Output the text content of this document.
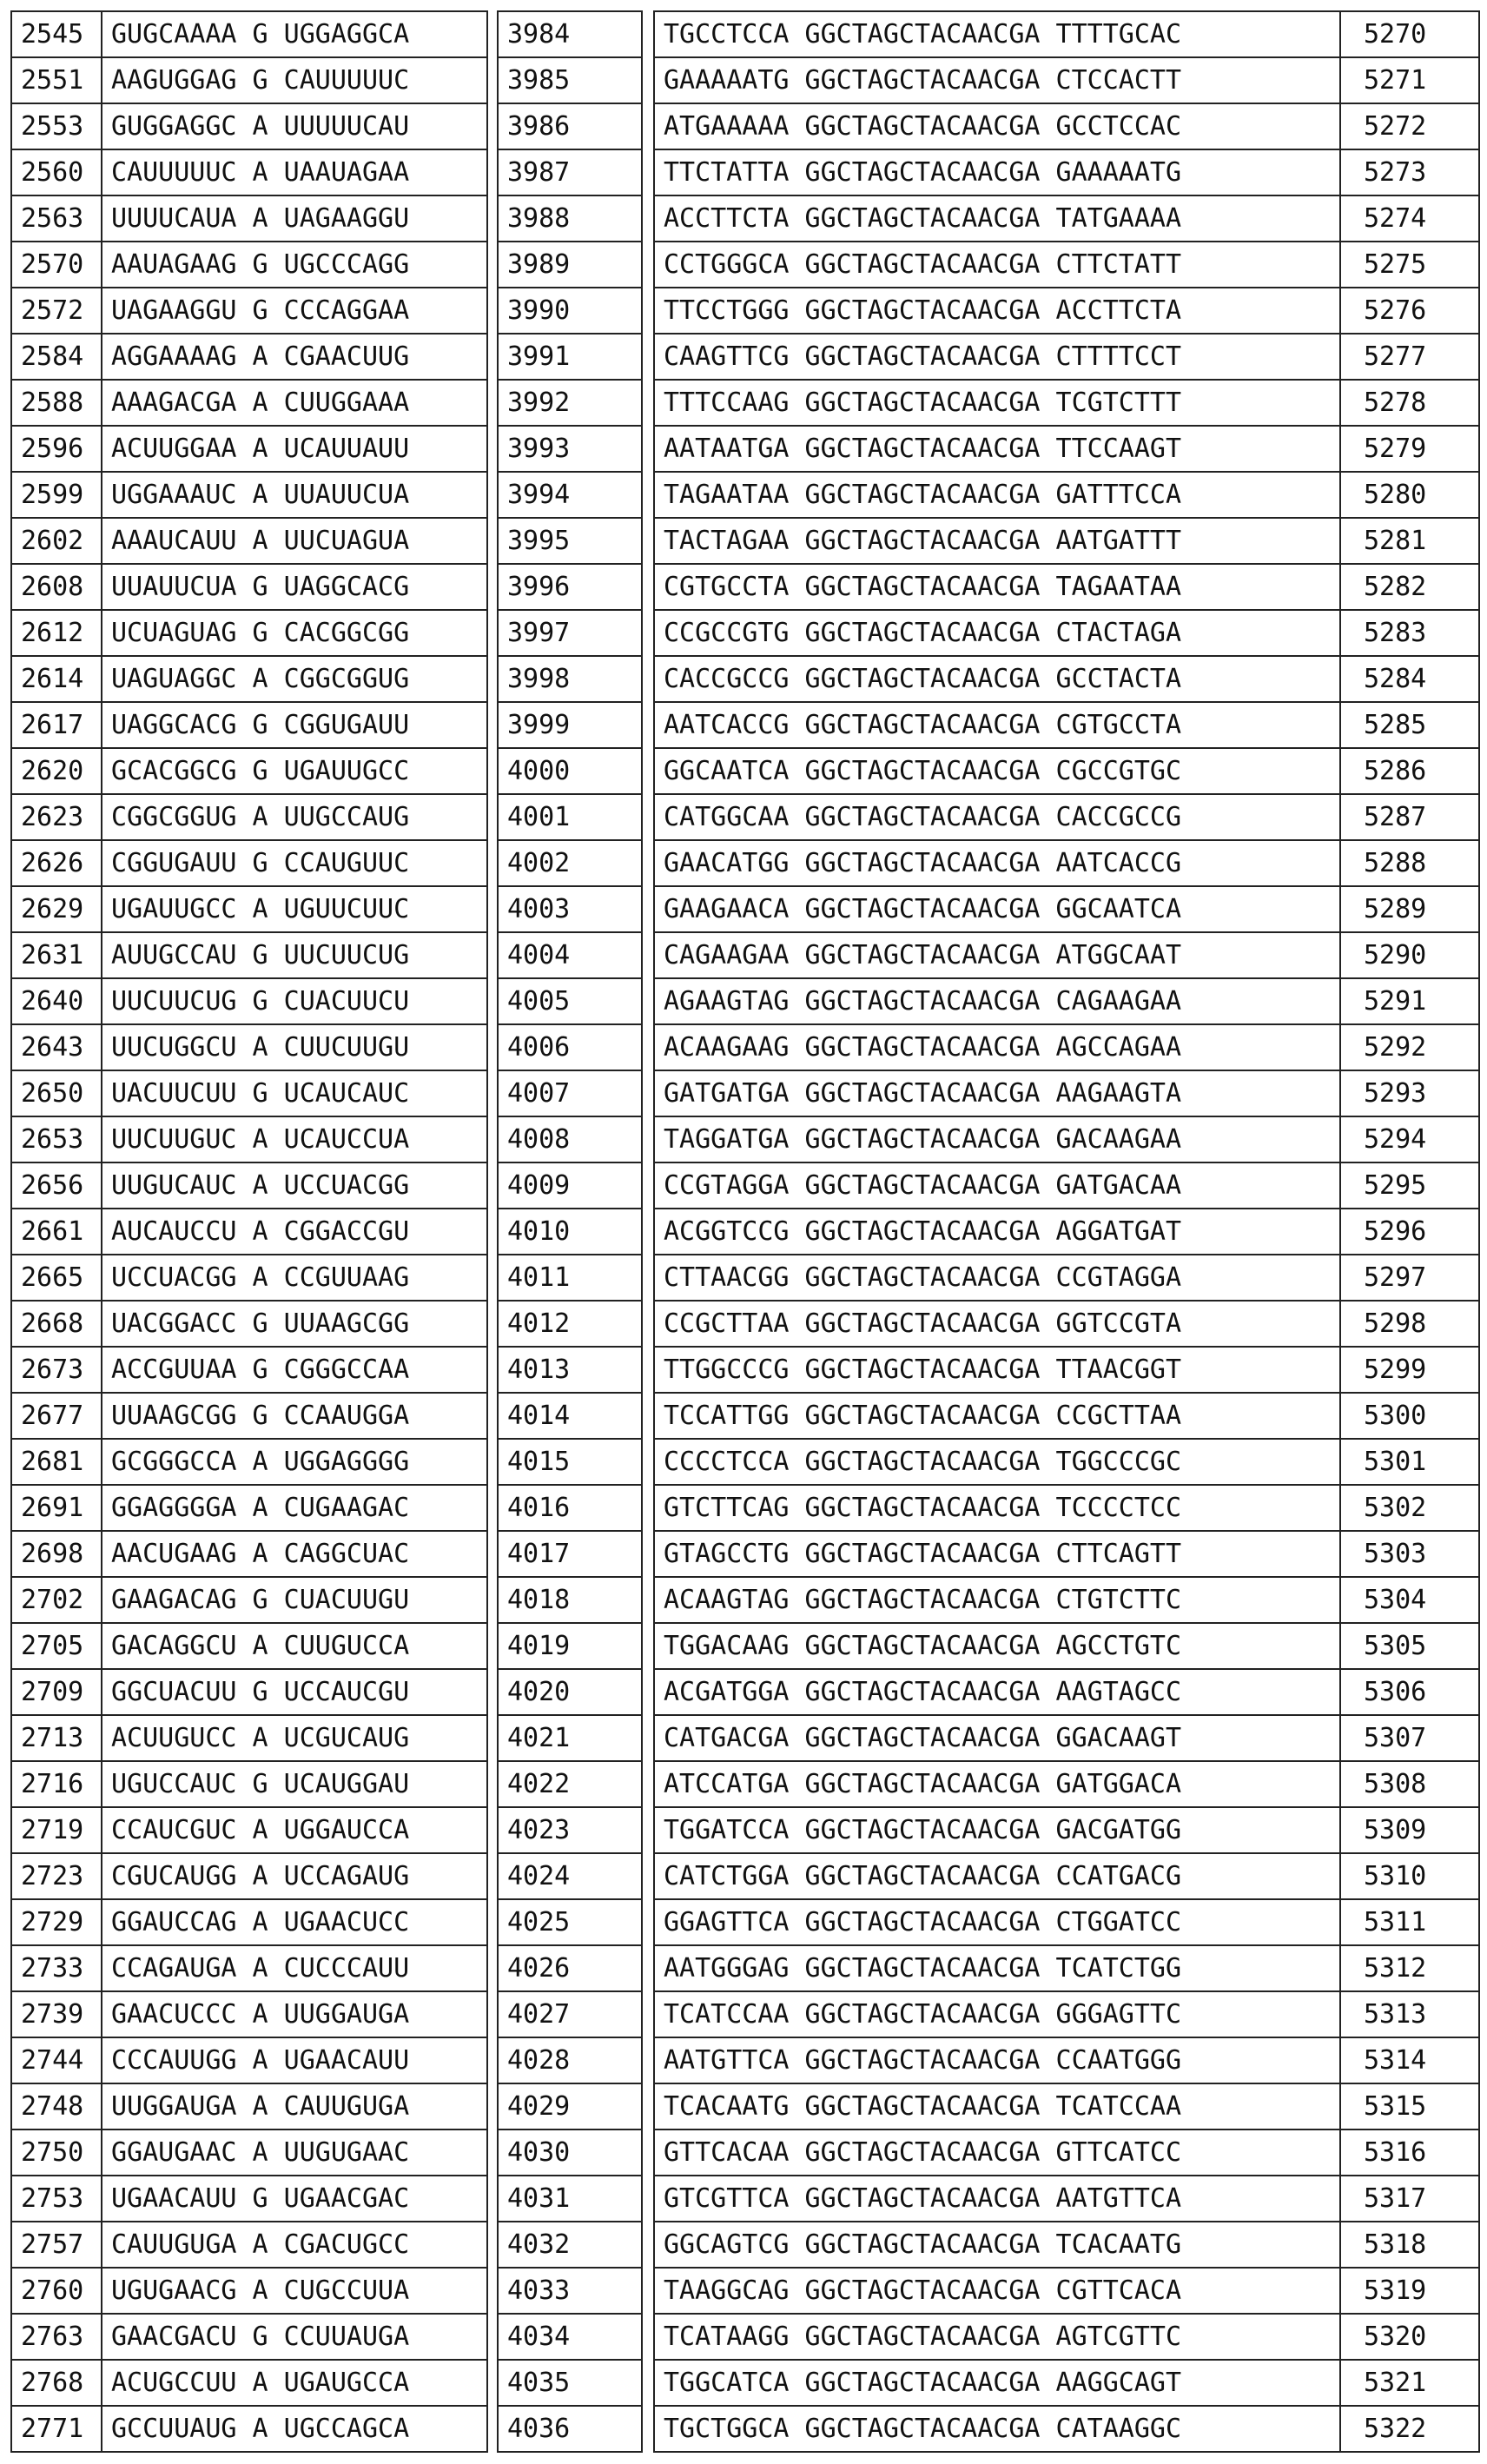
2545	GUGCAAAA G UGGAGGCA		3984		TGCCTCCA GGCTAGCTACAACGA TTTTGCAC	5270
2551	AAGUGGAG G CAUUUUUC		3985		GAAAAATG GGCTAGCTACAACGA CTCCACTT	5271
2553	GUGGAGGC A UUUUUCAU		3986		ATGAAAAA GGCTAGCTACAACGA GCCTCCAC	5272
2560	CAUUUUUC A UAAUAGAA		3987		TTCTATTA GGCTAGCTACAACGA GAAAAATG	5273
2563	UUUUCAUA A UAGAAGGU		3988		ACCTTCTA GGCTAGCTACAACGA TATGAAAA	5274
2570	AAUAGAAG G UGCCCAGG		3989		CCTGGGCA GGCTAGCTACAACGA CTTCTATT	5275
2572	UAGAAGGU G CCCAGGAA		3990		TTCCTGGG GGCTAGCTACAACGA ACCTTCTA	5276
2584	AGGAAAAG A CGAACUUG		3991		CAAGTTCG GGCTAGCTACAACGA CTTTTCCT	5277
2588	AAAGACGA A CUUGGAAA		3992		TTTCCAAG GGCTAGCTACAACGA TCGTCTTT	5278
2596	ACUUGGAA A UCAUUAUU		3993		AATAATGA GGCTAGCTACAACGA TTCCAAGT	5279
2599	UGGAAAUC A UUAUUCUA		3994		TAGAATAA GGCTAGCTACAACGA GATTTCCA	5280
2602	AAAUCAUU A UUCUAGUA		3995		TACTAGAA GGCTAGCTACAACGA AATGATTT	5281
2608	UUAUUCUA G UAGGCACG		3996		CGTGCCTA GGCTAGCTACAACGA TAGAATAA	5282
2612	UCUAGUAG G CACGGCGG		3997		CCGCCGTG GGCTAGCTACAACGA CTACTAGA	5283
2614	UAGUAGGC A CGGCGGUG		3998		CACCGCCG GGCTAGCTACAACGA GCCTACTA	5284
2617	UAGGCACG G CGGUGAUU		3999		AATCACCG GGCTAGCTACAACGA CGTGCCTA	5285
2620	GCACGGCG G UGAUUGCC		4000		GGCAATCA GGCTAGCTACAACGA CGCCGTGC	5286
2623	CGGCGGUG A UUGCCAUG		4001		CATGGCAA GGCTAGCTACAACGA CACCGCCG	5287
2626	CGGUGAUU G CCAUGUUC		4002		GAACATGG GGCTAGCTACAACGA AATCACCG	5288
2629	UGAUUGCC A UGUUCUUC		4003		GAAGAACA GGCTAGCTACAACGA GGCAATCA	5289
2631	AUUGCCAU G UUCUUCUG		4004		CAGAAGAA GGCTAGCTACAACGA ATGGCAAT	5290
2640	UUCUUCUG G CUACUUCU		4005		AGAAGTAG GGCTAGCTACAACGA CAGAAGAA	5291
2643	UUCUGGCU A CUUCUUGU		4006		ACAAGAAG GGCTAGCTACAACGA AGCCAGAA	5292
2650	UACUUCUU G UCAUCAUC		4007		GATGATGA GGCTAGCTACAACGA AAGAAGTA	5293
2653	UUCUUGUC A UCAUCCUA		4008		TAGGATGA GGCTAGCTACAACGA GACAAGAA	5294
2656	UUGUCAUC A UCCUACGG		4009		CCGTAGGA GGCTAGCTACAACGA GATGACAA	5295
2661	AUCAUCCU A CGGACCGU		4010		ACGGTCCG GGCTAGCTACAACGA AGGATGAT	5296
2665	UCCUACGG A CCGUUAAG		4011		CTTAACGG GGCTAGCTACAACGA CCGTAGGA	5297
2668	UACGGACC G UUAAGCGG		4012		CCGCTTAA GGCTAGCTACAACGA GGTCCGTA	5298
2673	ACCGUUAA G CGGGCCAA		4013		TTGGCCCG GGCTAGCTACAACGA TTAACGGT	5299
2677	UUAAGCGG G CCAAUGGA		4014		TCCATTGG GGCTAGCTACAACGA CCGCTTAA	5300
2681	GCGGGCCA A UGGAGGGG		4015		CCCCTCCA GGCTAGCTACAACGA TGGCCCGC	5301
2691	GGAGGGGA A CUGAAGAC		4016		GTCTTCAG GGCTAGCTACAACGA TCCCCTCC	5302
2698	AACUGAAG A CAGGCUAC		4017		GTAGCCTG GGCTAGCTACAACGA CTTCAGTT	5303
2702	GAAGACAG G CUACUUGU		4018		ACAAGTAG GGCTAGCTACAACGA CTGTCTTC	5304
2705	GACAGGCU A CUUGUCCA		4019		TGGACAAG GGCTAGCTACAACGA AGCCTGTC	5305
2709	GGCUACUU G UCCAUCGU		4020		ACGATGGA GGCTAGCTACAACGA AAGTAGCC	5306
2713	ACUUGUCC A UCGUCAUG		4021		CATGACGA GGCTAGCTACAACGA GGACAAGT	5307
2716	UGUCCAUC G UCAUGGAU		4022		ATCCATGA GGCTAGCTACAACGA GATGGACA	5308
2719	CCAUCGUC A UGGAUCCA		4023		TGGATCCA GGCTAGCTACAACGA GACGATGG	5309
2723	CGUCAUGG A UCCAGAUG		4024		CATCTGGA GGCTAGCTACAACGA CCATGACG	5310
2729	GGAUCCAG A UGAACUCC		4025		GGAGTTCA GGCTAGCTACAACGA CTGGATCC	5311
2733	CCAGAUGA A CUCCCAUU		4026		AATGGGAG GGCTAGCTACAACGA TCATCTGG	5312
2739	GAACUCCC A UUGGAUGA		4027		TCATCCAA GGCTAGCTACAACGA GGGAGTTC	5313
2744	CCCAUUGG A UGAACAUU		4028		AATGTTCA GGCTAGCTACAACGA CCAATGGG	5314
2748	UUGGAUGA A CAUUGUGA		4029		TCACAATG GGCTAGCTACAACGA TCATCCAA	5315
2750	GGAUGAAC A UUGUGAAC		4030		GTTCACAA GGCTAGCTACAACGA GTTCATCC	5316
2753	UGAACAUU G UGAACGAC		4031		GTCGTTCA GGCTAGCTACAACGA AATGTTCA	5317
2757	CAUUGUGA A CGACUGCC		4032		GGCAGTCG GGCTAGCTACAACGA TCACAATG	5318
2760	UGUGAACG A CUGCCUUA		4033		TAAGGCAG GGCTAGCTACAACGA CGTTCACA	5319
2763	GAACGACU G CCUUAUGA		4034		TCATAAGG GGCTAGCTACAACGA AGTCGTTC	5320
2768	ACUGCCUU A UGAUGCCA		4035		TGGCATCA GGCTAGCTACAACGA AAGGCAGT	5321
2771	GCCUUAUG A UGCCAGCA		4036		TGCTGGCA GGCTAGCTACAACGA CATAAGGC	5322
